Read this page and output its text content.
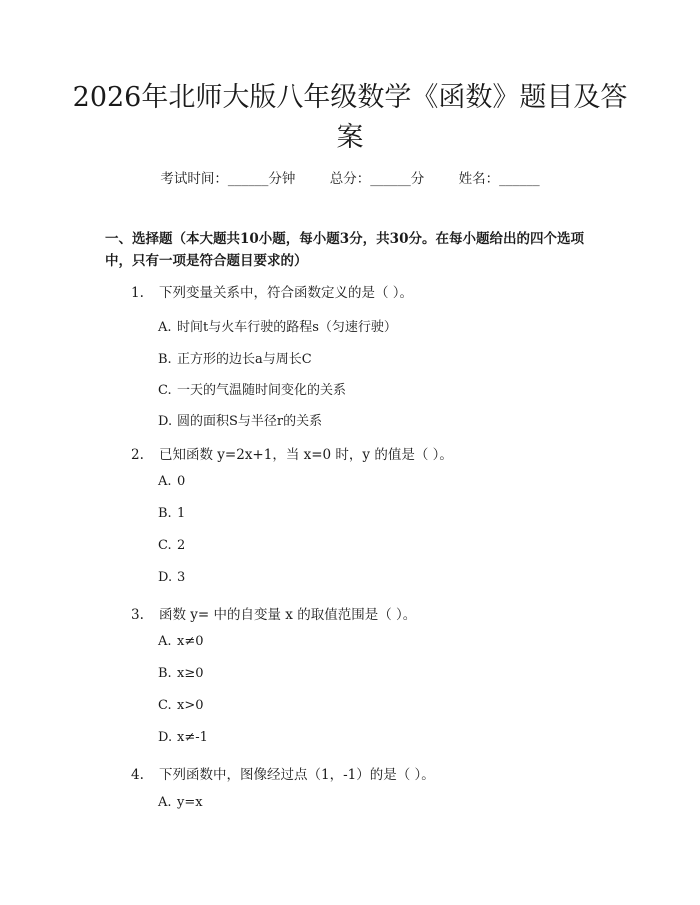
2026年北师大版八年级数学《函数》题目及答案
考试时间：______分钟        总分：______分        姓名：______
一、选择题（本大题共10小题，每小题3分，共30分。在每小题给出的四个选项中，只有一项是符合题目要求的）
1. 下列变量关系中，符合函数定义的是（ ）。
A. 时间t与火车行驶的路程s（匀速行驶）
B. 正方形的边长a与周长C
C. 一天的气温随时间变化的关系
D. 圆的面积S与半径r的关系
2. 已知函数 y=2x+1，当 x=0 时，y 的值是（ ）。
A. 0
B. 1
C. 2
D. 3
3. 函数 y= 中的自变量 x 的取值范围是（ ）。
A. x≠0
B. x≥0
C. x>0
D. x≠-1
4. 下列函数中，图像经过点（1，-1）的是（ ）。
A. y=x
